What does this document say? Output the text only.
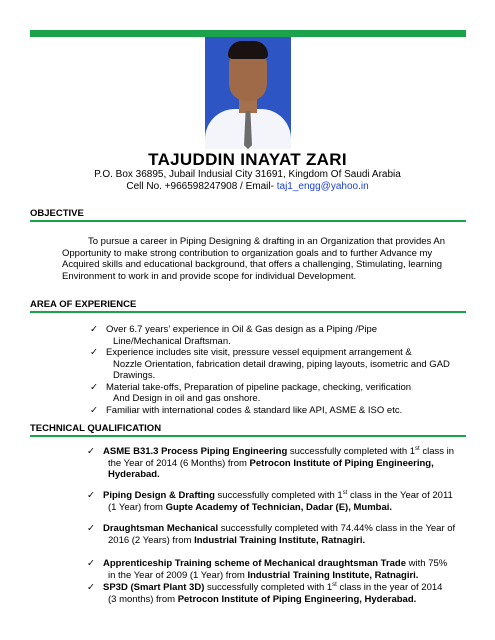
TAJUDDIN INAYAT ZARI
P.O. Box 36895, Jubail Indusial City 31691, Kingdom Of Saudi Arabia
Cell No. +966598247908 / Email- taj1_engg@yahoo.in
OBJECTIVE
To pursue a career in Piping Designing & drafting in an Organization that provides An Opportunity to make strong contribution to organization goals and to further Advance my Acquired skills and educational background, that offers a challenging, Stimulating, learning Environment to work in and provide scope for individual Development.
AREA OF EXPERIENCE
✓ Over 6.7 years’ experience in Oil & Gas design as a Piping /Pipe
Line/Mechanical Draftsman.
✓ Experience includes site visit, pressure vessel equipment arrangement &
Nozzle Orientation, fabrication detail drawing, piping layouts, isometric and GAD Drawings.
✓ Material take-offs, Preparation of pipeline package, checking, verification
And Design in oil and gas onshore.
✓ Familiar with international codes & standard like API, ASME & ISO etc.
TECHNICAL QUALIFICATION
✓ ASME B31.3 Process Piping Engineering successfully completed with 1st class in
the Year of 2014 (6 Months) from Petrocon Institute of Piping Engineering, Hyderabad.
✓ Piping Design & Drafting successfully completed with 1st class in the Year of 2011
(1 Year) from Gupte Academy of Technician, Dadar (E), Mumbai.
✓ Draughtsman Mechanical successfully completed with 74.44% class in the Year of
2016 (2 Years) from Industrial Training Institute, Ratnagiri.
✓ Apprenticeship Training scheme of Mechanical draughtsman Trade with 75%
in the Year of 2009 (1 Year) from Industrial Training Institute, Ratnagiri.
✓ SP3D (Smart Plant 3D) successfully completed with 1st class in the year of 2014
(3 months) from Petrocon Institute of Piping Engineering, Hyderabad.
